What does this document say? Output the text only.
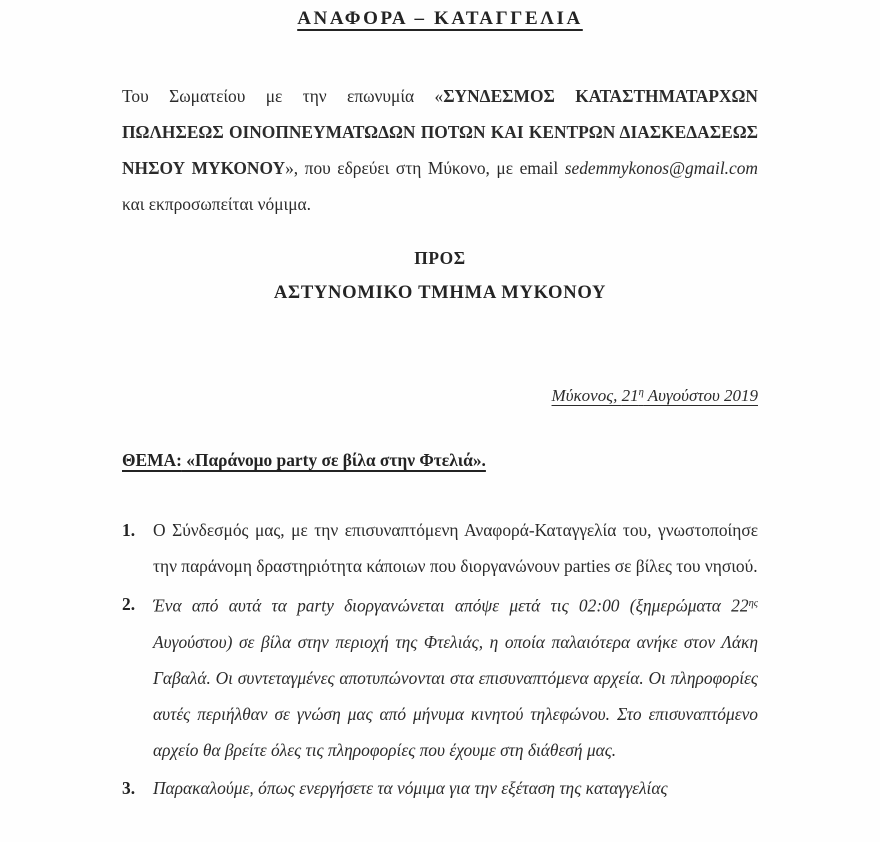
ΑΝΑΦΟΡΑ – ΚΑΤΑΓΓΕΛΙΑ
Του Σωματείου με την επωνυμία «ΣΥΝΔΕΣΜΟΣ ΚΑΤΑΣΤΗΜΑΤΑΡΧΩΝ ΠΩΛΗΣΕΩΣ ΟΙΝΟΠΝΕΥΜΑΤΩΔΩΝ ΠΟΤΩΝ ΚΑΙ ΚΕΝΤΡΩΝ ΔΙΑΣΚΕΔΑΣΕΩΣ ΝΗΣΟΥ ΜΥΚΟΝΟΥ», που εδρεύει στη Μύκονο, με email sedemmykonos@gmail.com και εκπροσωπείται νόμιμα.
ΠΡΟΣ
ΑΣΤΥΝΟΜΙΚΟ ΤΜΗΜΑ ΜΥΚΟΝΟΥ
Μύκονος, $21^\eta$ Αυγούστου 2019
ΘΕΜΑ: «Παράνομο party σε βίλα στην Φτελιά».
1. Ο Σύνδεσμός μας, με την επισυναπτόμενη Αναφορά-Καταγγελία του, γνωστοποίησε την παράνομη δραστηριότητα κάποιων που διοργανώνουν parties σε βίλες του νησιού.
2. Ένα από αυτά τα party διοργανώνεται απόψε μετά τις 02:00 (ξημερώματα $22^{\eta\varsigma}$ Αυγούστου) σε βίλα στην περιοχή της Φτελιάς, η οποία παλαιότερα ανήκε στον Λάκη Γαβαλά. Οι συντεταγμένες αποτυπώνονται στα επισυναπτόμενα αρχεία. Οι πληροφορίες αυτές περιήλθαν σε γνώση μας από μήνυμα κινητού τηλεφώνου. Στο επισυναπτόμενο αρχείο θα βρείτε όλες τις πληροφορίες που έχουμε στη διάθεσή μας.
3. Παρακαλούμε, όπως ενεργήσετε τα νόμιμα για την εξέταση της καταγγελίας
